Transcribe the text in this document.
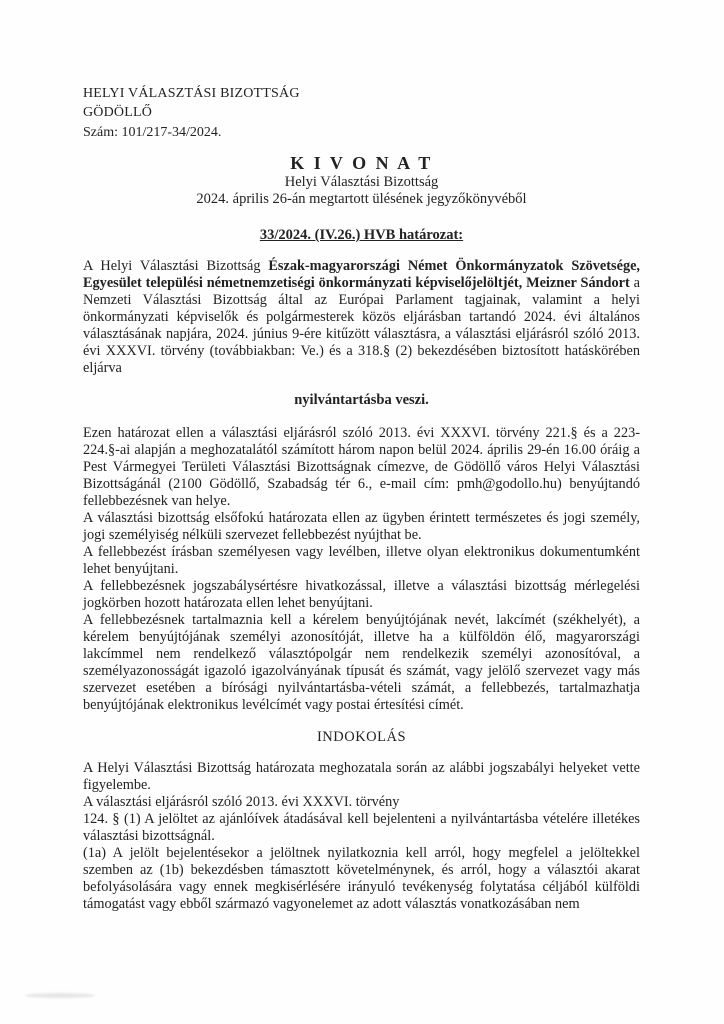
HELYI VÁLASZTÁSI BIZOTTSÁG
GÖDÖLLŐ
Szám: 101/217-34/2024.
K I V O N A T
Helyi Választási Bizottság
2024. április 26-án megtartott ülésének jegyzőkönyvéből
33/2024. (IV.26.) HVB határozat:

A Helyi Választási Bizottság Észak-magyarországi Német Önkormányzatok Szövetsége, Egyesület települési németnemzetiségi önkormányzati képviselőjelöltjét, Meizner Sándort a Nemzeti Választási Bizottság által az Európai Parlament tagjainak, valamint a helyi önkormányzati képviselők és polgármesterek közös eljárásban tartandó 2024. évi általános választásának napjára, 2024. június 9-ére kitűzött választásra, a választási eljárásról szóló 2013. évi XXXVI. törvény (továbbiakban: Ve.) és a 318.§ (2) bekezdésében biztosított hatáskörében eljárva

nyilvántartásba veszi.

Ezen határozat ellen a választási eljárásról szóló 2013. évi XXXVI. törvény 221.§ és a 223-224.§-ai alapján a meghozatalától számított három napon belül 2024. április 29-én 16.00 óráig a Pest Vármegyei Területi Választási Bizottságnak címezve, de Gödöllő város Helyi Választási Bizottságánál (2100 Gödöllő, Szabadság tér 6., e-mail cím: pmh@godollo.hu) benyújtandó fellebbezésnek van helye.

A választási bizottság elsőfokú határozata ellen az ügyben érintett természetes és jogi személy, jogi személyiség nélküli szervezet fellebbezést nyújthat be.

A fellebbezést írásban személyesen vagy levélben, illetve olyan elektronikus dokumentumként lehet benyújtani.

A fellebbezésnek jogszabálysértésre hivatkozással, illetve a választási bizottság mérlegelési jogkörben hozott határozata ellen lehet benyújtani.

A fellebbezésnek tartalmaznia kell a kérelem benyújtójának nevét, lakcímét (székhelyét), a kérelem benyújtójának személyi azonosítóját, illetve ha a külföldön élő, magyarországi lakcímmel nem rendelkező választópolgár nem rendelkezik személyi azonosítóval, a személyazonosságát igazoló igazolványának típusát és számát, vagy jelölő szervezet vagy más szervezet esetében a bírósági nyilvántartásba-vételi számát, a fellebbezés, tartalmazhatja benyújtójának elektronikus levélcímét vagy postai értesítési címét.

INDOKOLÁS

A Helyi Választási Bizottság határozata meghozatala során az alábbi jogszabályi helyeket vette figyelembe.

A választási eljárásról szóló 2013. évi XXXVI. törvény

124. § (1) A jelöltet az ajánlóívek átadásával kell bejelenteni a nyilvántartásba vételére illetékes választási bizottságnál.

(1a) A jelölt bejelentésekor a jelöltnek nyilatkoznia kell arról, hogy megfelel a jelöltekkel szemben az (1b) bekezdésben támasztott követelménynek, és arról, hogy a választói akarat befolyásolására vagy ennek megkisérlésére irányuló tevékenység folytatása céljából külföldi támogatást vagy ebből származó vagyonelemet az adott választás vonatkozásában nem
